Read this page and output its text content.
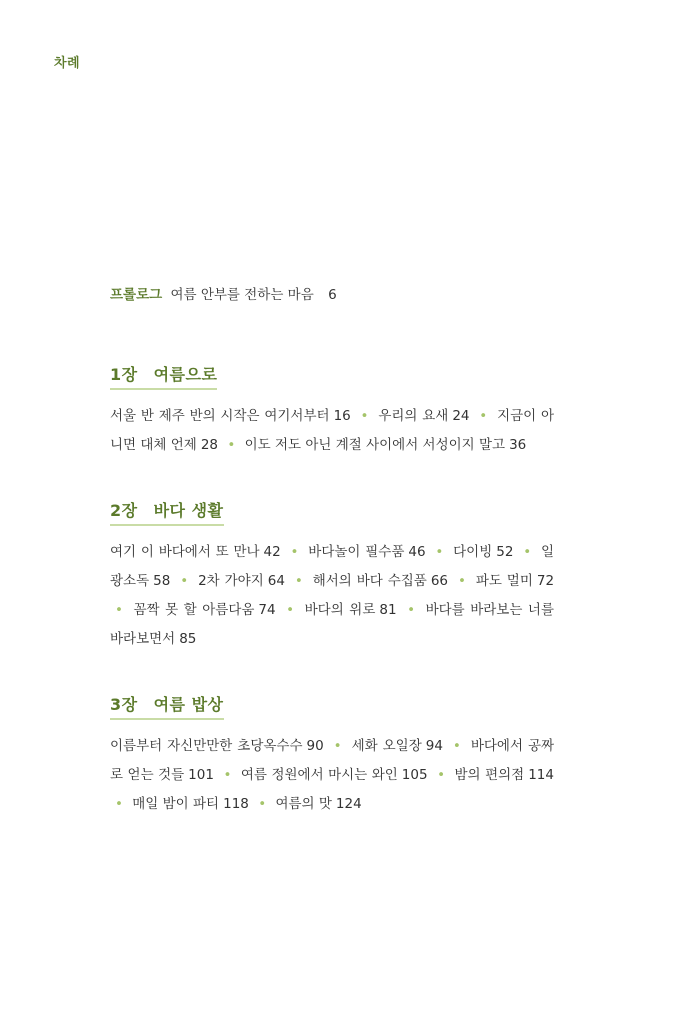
차례

프롤로그 여름 안부를 전하는 마음 6

1장 여름으로

서울 반 제주 반의 시작은 여기서부터 16 • 우리의 요새 24 • 지금이 아니면 대체 언제 28 • 이도 저도 아닌 계절 사이에서 서성이지 말고 36

2장 바다 생활

여기 이 바다에서 또 만나 42 • 바다놀이 필수품 46 • 다이빙 52 • 일광소독 58 • 2차 가야지 64 • 해서의 바다 수집품 66 • 파도 멀미 72 • 꼼짝 못 할 아름다움 74 • 바다의 위로 81 • 바다를 바라보는 너를 바라보면서 85

3장 여름 밥상

이름부터 자신만만한 초당옥수수 90 • 세화 오일장 94 • 바다에서 공짜로 얻는 것들 101 • 여름 정원에서 마시는 와인 105 • 밤의 편의점 114 • 매일 밤이 파티 118 • 여름의 맛 124
